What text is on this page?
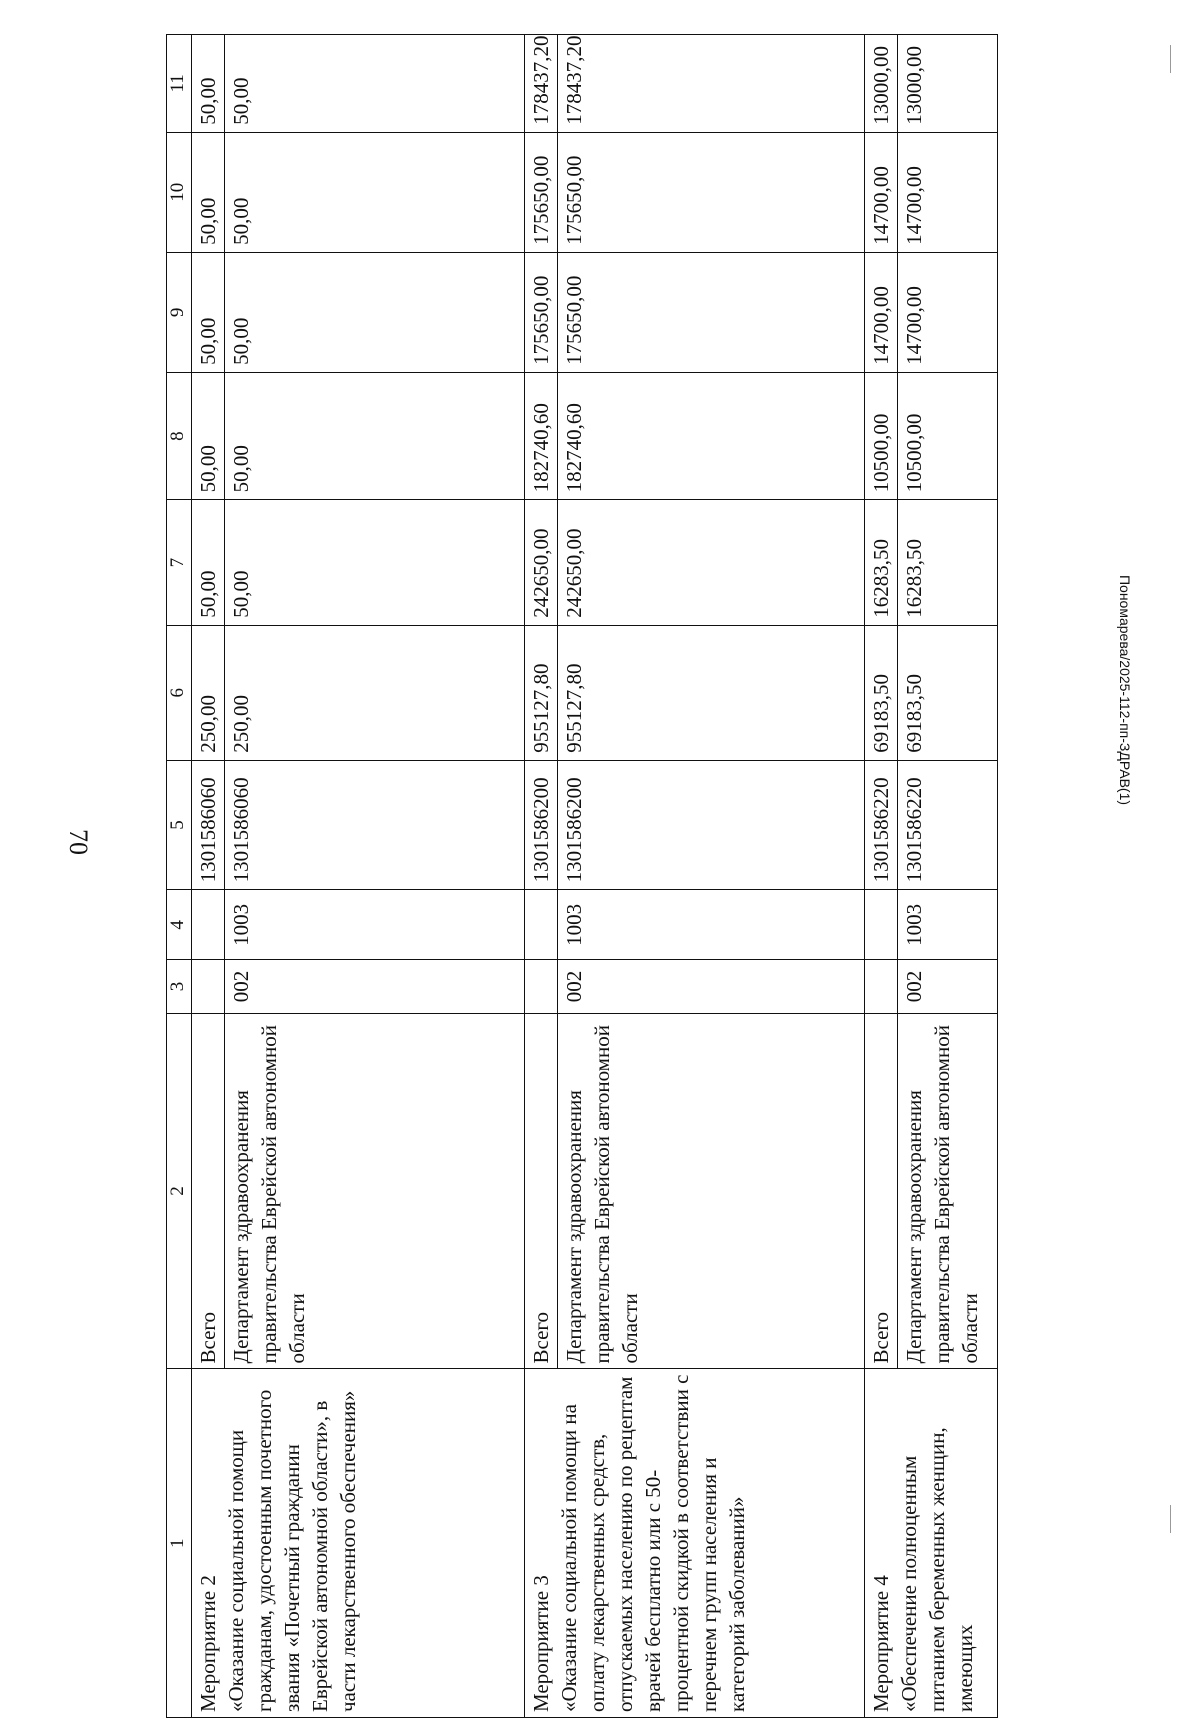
70
Пономарева/2025-112-пп-ЗДРАВ(1)
1	2	3	4	5	6	7	8	9	10	11
Мероприятие 2
«Оказание социальной помощи гражданам, удостоенным почетного звания «Почетный гражданин Еврейской автономной области», в части лекарственного обеспечения»	Всего			1301586060	250,00	50,00	50,00	50,00	50,00	50,00
	Департамент здравоохранения правительства Еврейской автономной области	002	1003	1301586060	250,00	50,00	50,00	50,00	50,00	50,00
Мероприятие 3
«Оказание социальной помощи на оплату лекарственных средств, отпускаемых населению по рецептам врачей бесплатно или с 50-процентной скидкой в соответствии с перечнем групп населения и категорий заболеваний»	Всего			1301586200	955127,80	242650,00	182740,60	175650,00	175650,00	178437,20
	Департамент здравоохранения правительства Еврейской автономной области	002	1003	1301586200	955127,80	242650,00	182740,60	175650,00	175650,00	178437,20
Мероприятие 4
«Обеспечение полноценным питанием беременных женщин, имеющих	Всего			1301586220	69183,50	16283,50	10500,00	14700,00	14700,00	13000,00
	Департамент здравоохранения правительства Еврейской автономной области	002	1003	1301586220	69183,50	16283,50	10500,00	14700,00	14700,00	13000,00
